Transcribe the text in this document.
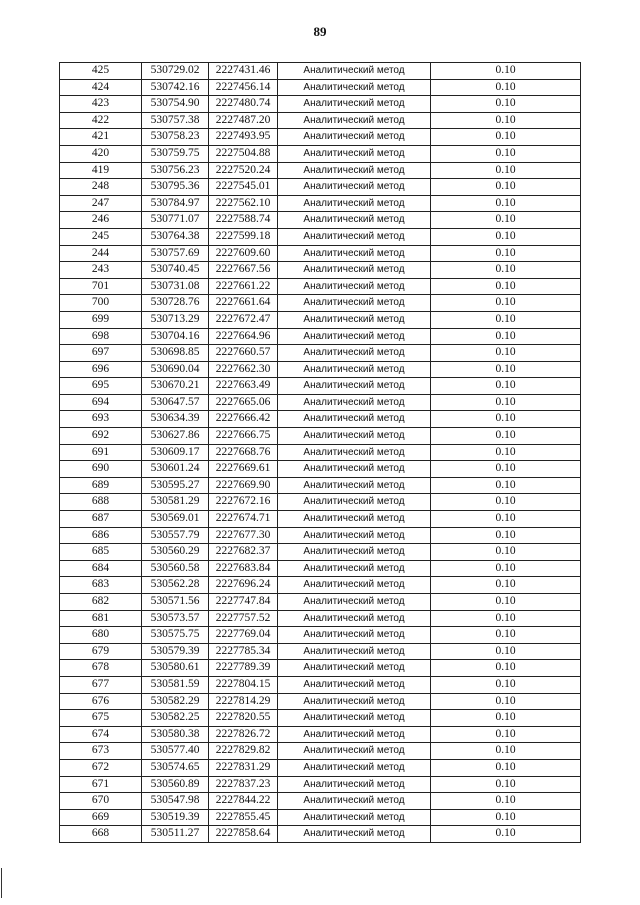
89
425	530729.02	2227431.46	Аналитический метод	0.10
424	530742.16	2227456.14	Аналитический метод	0.10
423	530754.90	2227480.74	Аналитический метод	0.10
422	530757.38	2227487.20	Аналитический метод	0.10
421	530758.23	2227493.95	Аналитический метод	0.10
420	530759.75	2227504.88	Аналитический метод	0.10
419	530756.23	2227520.24	Аналитический метод	0.10
248	530795.36	2227545.01	Аналитический метод	0.10
247	530784.97	2227562.10	Аналитический метод	0.10
246	530771.07	2227588.74	Аналитический метод	0.10
245	530764.38	2227599.18	Аналитический метод	0.10
244	530757.69	2227609.60	Аналитический метод	0.10
243	530740.45	2227667.56	Аналитический метод	0.10
701	530731.08	2227661.22	Аналитический метод	0.10
700	530728.76	2227661.64	Аналитический метод	0.10
699	530713.29	2227672.47	Аналитический метод	0.10
698	530704.16	2227664.96	Аналитический метод	0.10
697	530698.85	2227660.57	Аналитический метод	0.10
696	530690.04	2227662.30	Аналитический метод	0.10
695	530670.21	2227663.49	Аналитический метод	0.10
694	530647.57	2227665.06	Аналитический метод	0.10
693	530634.39	2227666.42	Аналитический метод	0.10
692	530627.86	2227666.75	Аналитический метод	0.10
691	530609.17	2227668.76	Аналитический метод	0.10
690	530601.24	2227669.61	Аналитический метод	0.10
689	530595.27	2227669.90	Аналитический метод	0.10
688	530581.29	2227672.16	Аналитический метод	0.10
687	530569.01	2227674.71	Аналитический метод	0.10
686	530557.79	2227677.30	Аналитический метод	0.10
685	530560.29	2227682.37	Аналитический метод	0.10
684	530560.58	2227683.84	Аналитический метод	0.10
683	530562.28	2227696.24	Аналитический метод	0.10
682	530571.56	2227747.84	Аналитический метод	0.10
681	530573.57	2227757.52	Аналитический метод	0.10
680	530575.75	2227769.04	Аналитический метод	0.10
679	530579.39	2227785.34	Аналитический метод	0.10
678	530580.61	2227789.39	Аналитический метод	0.10
677	530581.59	2227804.15	Аналитический метод	0.10
676	530582.29	2227814.29	Аналитический метод	0.10
675	530582.25	2227820.55	Аналитический метод	0.10
674	530580.38	2227826.72	Аналитический метод	0.10
673	530577.40	2227829.82	Аналитический метод	0.10
672	530574.65	2227831.29	Аналитический метод	0.10
671	530560.89	2227837.23	Аналитический метод	0.10
670	530547.98	2227844.22	Аналитический метод	0.10
669	530519.39	2227855.45	Аналитический метод	0.10
668	530511.27	2227858.64	Аналитический метод	0.10
